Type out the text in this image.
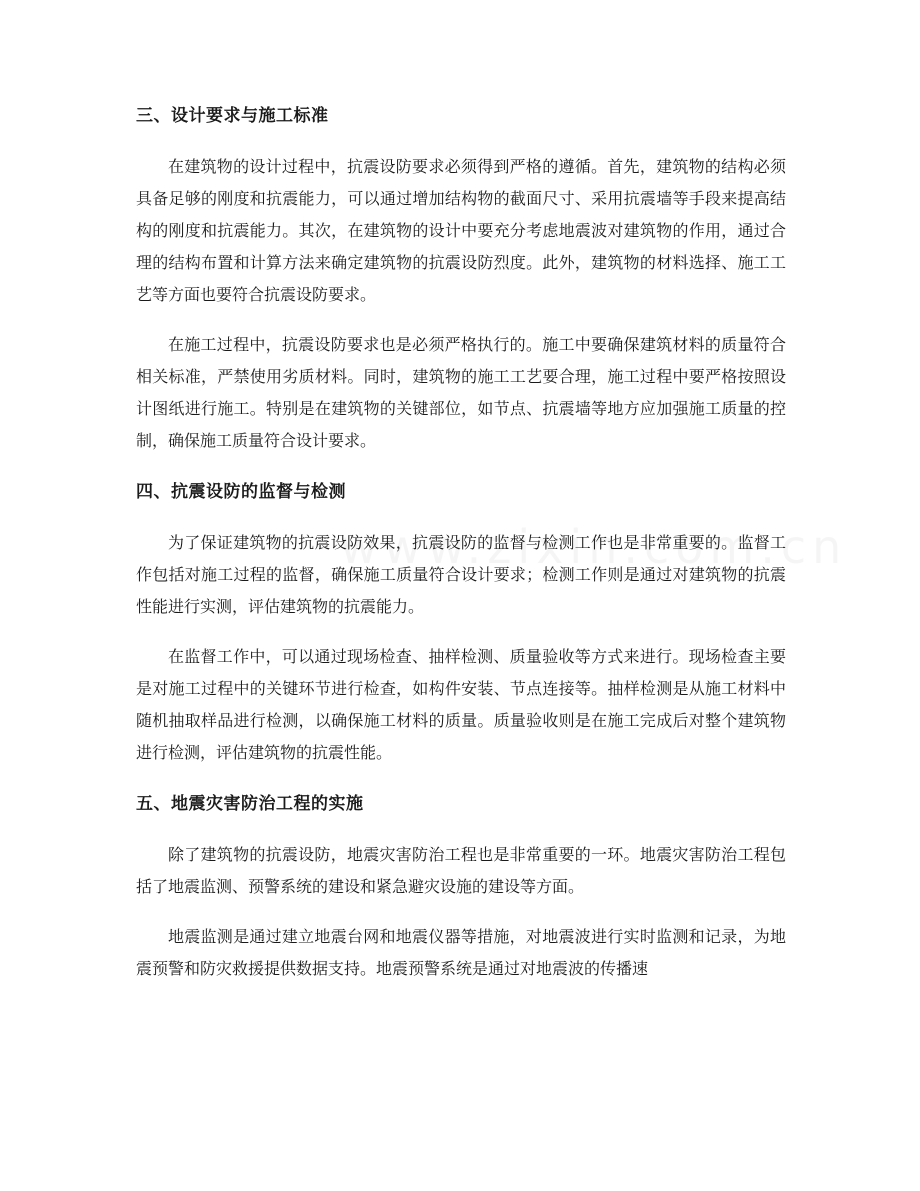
三、设计要求与施工标准

在建筑物的设计过程中，抗震设防要求必须得到严格的遵循。首先，建筑物的结构必须具备足够的刚度和抗震能力，可以通过增加结构物的截面尺寸、采用抗震墙等手段来提高结构的刚度和抗震能力。其次，在建筑物的设计中要充分考虑地震波对建筑物的作用，通过合理的结构布置和计算方法来确定建筑物的抗震设防烈度。此外，建筑物的材料选择、施工工艺等方面也要符合抗震设防要求。

在施工过程中，抗震设防要求也是必须严格执行的。施工中要确保建筑材料的质量符合相关标准，严禁使用劣质材料。同时，建筑物的施工工艺要合理，施工过程中要严格按照设计图纸进行施工。特别是在建筑物的关键部位，如节点、抗震墙等地方应加强施工质量的控制，确保施工质量符合设计要求。

四、抗震设防的监督与检测

为了保证建筑物的抗震设防效果，抗震设防的监督与检测工作也是非常重要的。监督工作包括对施工过程的监督，确保施工质量符合设计要求；检测工作则是通过对建筑物的抗震性能进行实测，评估建筑物的抗震能力。

在监督工作中，可以通过现场检查、抽样检测、质量验收等方式来进行。现场检查主要是对施工过程中的关键环节进行检查，如构件安装、节点连接等。抽样检测是从施工材料中随机抽取样品进行检测，以确保施工材料的质量。质量验收则是在施工完成后对整个建筑物进行检测，评估建筑物的抗震性能。

五、地震灾害防治工程的实施

除了建筑物的抗震设防，地震灾害防治工程也是非常重要的一环。地震灾害防治工程包括了地震监测、预警系统的建设和紧急避灾设施的建设等方面。

地震监测是通过建立地震台网和地震仪器等措施，对地震波进行实时监测和记录，为地震预警和防灾救援提供数据支持。地震预警系统是通过对地震波的传播速
